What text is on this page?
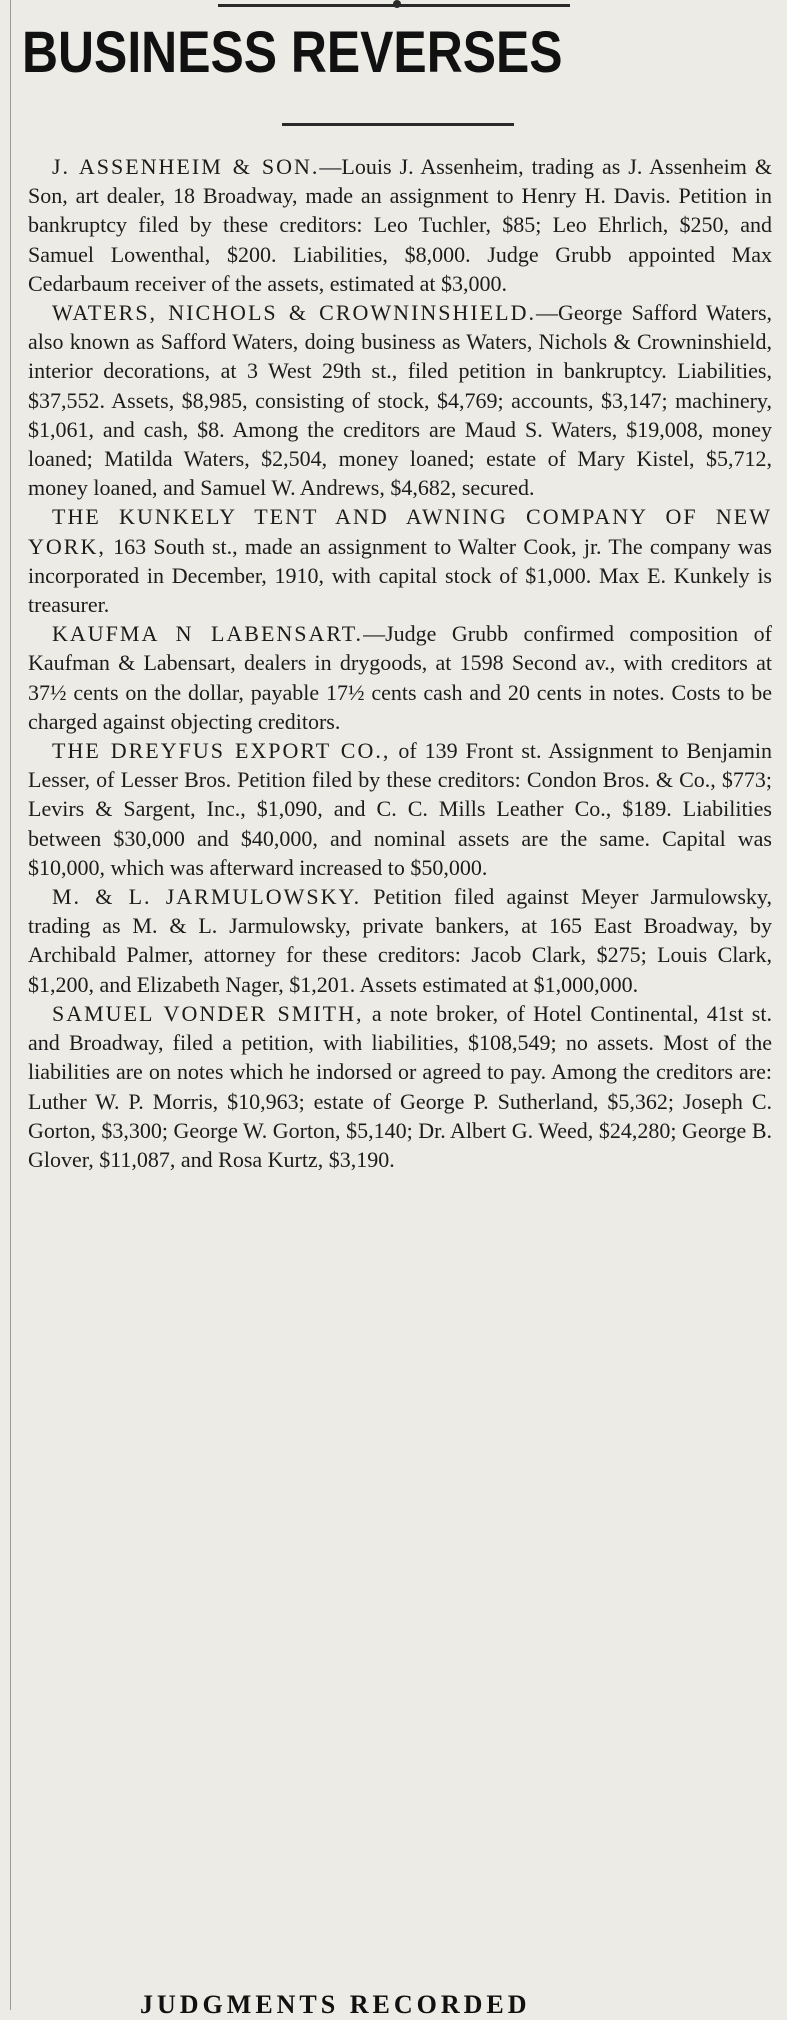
BUSINESS REVERSES

J. ASSENHEIM & SON.—Louis J. Assenheim, trading as J. Assenheim & Son, art dealer, 18 Broadway, made an assignment to Henry H. Davis. Petition in bankruptcy filed by these creditors: Leo Tuchler, $85; Leo Ehrlich, $250, and Samuel Lowenthal, $200. Liabilities, $8,000. Judge Grubb appointed Max Cedarbaum receiver of the assets, estimated at $3,000.

WATERS, NICHOLS & CROWNINSHIELD.—George Safford Waters, also known as Safford Waters, doing business as Waters, Nichols & Crowninshield, interior decorations, at 3 West 29th st., filed petition in bankruptcy. Liabilities, $37,552. Assets, $8,985, consisting of stock, $4,769; accounts, $3,147; machinery, $1,061, and cash, $8. Among the creditors are Maud S. Waters, $19,008, money loaned; Matilda Waters, $2,504, money loaned; estate of Mary Kistel, $5,712, money loaned, and Samuel W. Andrews, $4,682, secured.

THE KUNKELY TENT AND AWNING COMPANY OF NEW YORK, 163 South st., made an assignment to Walter Cook, jr. The company was incorporated in December, 1910, with capital stock of $1,000. Max E. Kunkely is treasurer.

KAUFMA N LABENSART.—Judge Grubb confirmed composition of Kaufman & Labensart, dealers in drygoods, at 1598 Second av., with creditors at 37½ cents on the dollar, payable 17½ cents cash and 20 cents in notes. Costs to be charged against objecting creditors.

THE DREYFUS EXPORT CO., of 139 Front st. Assignment to Benjamin Lesser, of Lesser Bros. Petition filed by these creditors: Condon Bros. & Co., $773; Levirs & Sargent, Inc., $1,090, and C. C. Mills Leather Co., $189. Liabilities between $30,000 and $40,000, and nominal assets are the same. Capital was $10,000, which was afterward increased to $50,000.

M. & L. JARMULOWSKY. Petition filed against Meyer Jarmulowsky, trading as M. & L. Jarmulowsky, private bankers, at 165 East Broadway, by Archibald Palmer, attorney for these creditors: Jacob Clark, $275; Louis Clark, $1,200, and Elizabeth Nager, $1,201. Assets estimated at $1,000,000.

SAMUEL VONDER SMITH, a note broker, of Hotel Continental, 41st st. and Broadway, filed a petition, with liabilities, $108,549; no assets. Most of the liabilities are on notes which he indorsed or agreed to pay. Among the creditors are: Luther W. P. Morris, $10,963; estate of George P. Sutherland, $5,362; Joseph C. Gorton, $3,300; George W. Gorton, $5,140; Dr. Albert G. Weed, $24,280; George B. Glover, $11,087, and Rosa Kurtz, $3,190.

JUDGMENTS RECORDED
